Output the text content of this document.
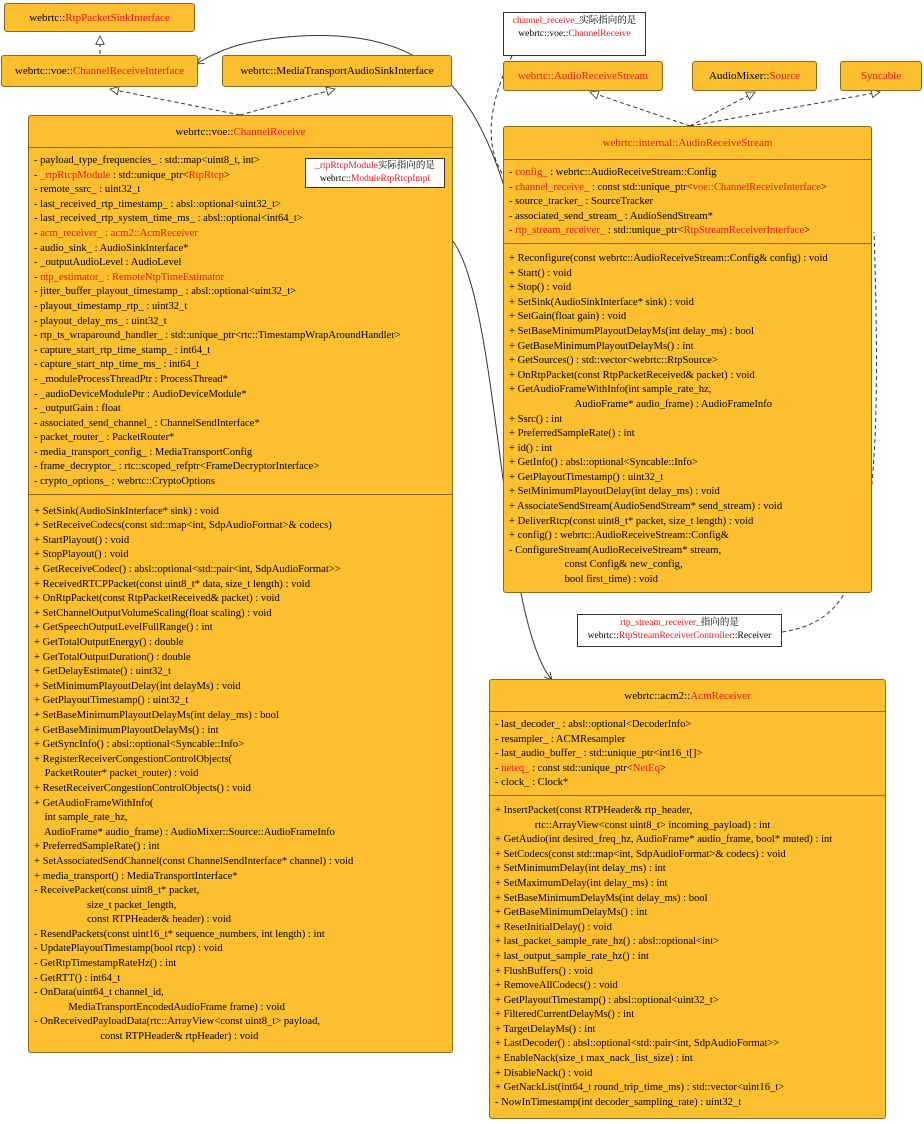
webrtc::RtpPacketSinkInterface
webrtc::voe::ChannelReceiveInterface	webrtc::MediaTransportAudioSinkInterface	webrtc::AudioReceiveStream	AudioMixer::Source	Syncable
channel_receive_实际指向的是
webrtc::voe::ChannelReceive
webrtc::voe::ChannelReceive
- payload_type_frequencies_ : std::map<uint8_t, int>
- _rtpRtcpModule : std::unique_ptr<RtpRtcp>
- remote_ssrc_ : uint32_t
- last_received_rtp_timestamp_ : absl::optional<uint32_t>
- last_received_rtp_system_time_ms_ : absl::optional<int64_t>
- acm_receiver_ : acm2::AcmReceiver
- audio_sink_ : AudioSinkInterface*
- _outputAudioLevel : AudioLevel
- ntp_estimator_ : RemoteNtpTimeEstimator
- jitter_buffer_playout_timestamp_ : absl::optional<uint32_t>
- playout_timestamp_rtp_ : uint32_t
- playout_delay_ms_ : uint32_t
- rtp_ts_wraparound_handler_ : std::unique_ptr<rtc::TimestampWrapAroundHandler>
- capture_start_rtp_time_stamp_ : int64_t
- capture_start_ntp_time_ms_ : int64_t
- _moduleProcessThreadPtr : ProcessThread*
- _audioDeviceModulePtr : AudioDeviceModule*
- _outputGain : float
- associated_send_channel_ : ChannelSendInterface*
- packet_router_ : PacketRouter*
- media_transport_config_ : MediaTransportConfig
- frame_decryptor_ : rtc::scoped_refptr<FrameDecryptorInterface>
- crypto_options_ : webrtc::CryptoOptions
+ SetSink(AudioSinkInterface* sink) : void
+ SetReceiveCodecs(const std::map<int, SdpAudioFormat>& codecs)
+ StartPlayout() : void
+ StopPlayout() : void
+ GetReceiveCodec() : absl::optional<std::pair<int, SdpAudioFormat>>
+ ReceivedRTCPPacket(const uint8_t* data, size_t length) : void
+ OnRtpPacket(const RtpPacketReceived& packet) : void
+ SetChannelOutputVolumeScaling(float scaling) : void
+ GetSpeechOutputLevelFullRange() : int
+ GetTotalOutputEnergy() : double
+ GetTotalOutputDuration() : double
+ GetDelayEstimate() : uint32_t
+ SetMinimumPlayoutDelay(int delayMs) : void
+ GetPlayoutTimestamp() : uint32_t
+ SetBaseMinimumPlayoutDelayMs(int delay_ms) : bool
+ GetBaseMinimumPlayoutDelayMs() : int
+ GetSyncInfo() : absl::optional<Syncable::Info>
+ RegisterReceiverCongestionControlObjects(
PacketRouter* packet_router) : void
+ ResetReceiverCongestionControlObjects() : void
+ GetAudioFrameWithInfo(
int sample_rate_hz,
AudioFrame* audio_frame) : AudioMixer::Source::AudioFrameInfo
+ PreferredSampleRate() : int
+ SetAssociatedSendChannel(const ChannelSendInterface* channel) : void
+ media_transport() : MediaTransportInterface*
- ReceivePacket(const uint8_t* packet,
size_t packet_length,
const RTPHeader& header) : void
- ResendPackets(const uint16_t* sequence_numbers, int length) : int
- UpdatePlayoutTimestamp(bool rtcp) : void
- GetRtpTimestampRateHz() : int
- GetRTT() : int64_t
- OnData(uint64_t channel_id,
MediaTransportEncodedAudioFrame frame) : void
- OnReceivedPayloadData(rtc::ArrayView<const uint8_t> payload,
const RTPHeader& rtpHeader) : void
_rtpRtcpModule实际指向的是
webrtc::ModuleRtpRtcpImpl
webrtc::internal::AudioReceiveStream
- config_ : webrtc::AudioReceiveStream::Config
- channel_receive_ : const std::unique_ptr<voe::ChannelReceiveInterface>
- source_tracker_ : SourceTracker
- associated_send_stream_ : AudioSendStream*
- rtp_stream_receiver_ : std::unique_ptr<RtpStreamReceiverInterface>
+ Reconfigure(const webrtc::AudioReceiveStream::Config& config) : void
+ Start() : void
+ Stop() : void
+ SetSink(AudioSinkInterface* sink) : void
+ SetGain(float gain) : void
+ SetBaseMinimumPlayoutDelayMs(int delay_ms) : bool
+ GetBaseMinimumPlayoutDelayMs() : int
+ GetSources() : std::vector<webrtc::RtpSource>
+ OnRtpPacket(const RtpPacketReceived& packet) : void
+ GetAudioFrameWithInfo(int sample_rate_hz,
AudioFrame* audio_frame) : AudioFrameInfo
+ Ssrc() : int
+ PreferredSampleRate() : int
+ id() : int
+ GetInfo() : absl::optional<Syncable::Info>
+ GetPlayoutTimestamp() : uint32_t
+ SetMinimumPlayoutDelay(int delay_ms) : void
+ AssociateSendStream(AudioSendStream* send_stream) : void
+ DeliverRtcp(const uint8_t* packet, size_t length) : void
+ config() : webrtc::AudioReceiveStream::Config&
- ConfigureStream(AudioReceiveStream* stream,
const Config& new_config,
bool first_time) : void
rtp_stream_receiver_指向的是
webrtc::RtpStreamReceiverController::Receiver
webrtc::acm2::AcmReceiver
- last_decoder_ : absl::optional<DecoderInfo>
- resampler_ : ACMResampler
- last_audio_buffer_ : std::unique_ptr<int16_t[]>
- neteq_ : const std::unique_ptr<NetEq>
- clock_ : Clock*
+ InsertPacket(const RTPHeader& rtp_header,
rtc::ArrayView<const uint8_t> incoming_payload) : int
+ GetAudio(int desired_freq_hz, AudioFrame* audio_frame, bool* muted) : int
+ SetCodecs(const std::map<int, SdpAudioFormat>& codecs) : void
+ SetMinimumDelay(int delay_ms) : int
+ SetMaximumDelay(int delay_ms) : int
+ SetBaseMinimumDelayMs(int delay_ms) : bool
+ GetBaseMinimumDelayMs() : int
+ ResetInitialDelay() : void
+ last_packet_sample_rate_hz() : absl::optional<int>
+ last_output_sample_rate_hz() : int
+ FlushBuffers() : void
+ RemoveAllCodecs() : void
+ GetPlayoutTimestamp() : absl::optional<uint32_t>
+ FilteredCurrentDelayMs() : int
+ TargetDelayMs() : int
+ LastDecoder() : absl::optional<std::pair<int, SdpAudioFormat>>
+ EnableNack(size_t max_nack_list_size) : int
+ DisableNack() : void
+ GetNackList(int64_t round_trip_time_ms) : std::vector<uint16_t>
- NowInTimestamp(int decoder_sampling_rate) : uint32_t
